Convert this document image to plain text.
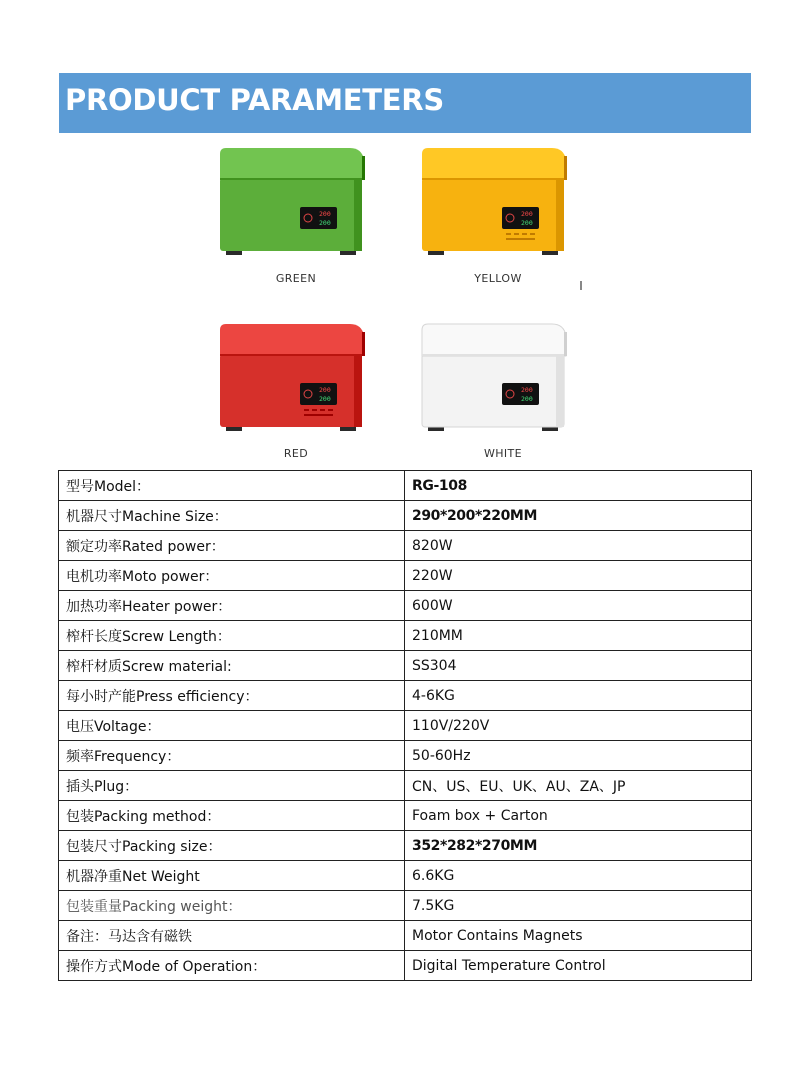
PRODUCT PARAMETERS
200
200
GREEN
200
200
YELLOW
200
200
RED
200
200
WHITE
型号Model：	RG-108
机器尺寸Machine Size：	290*200*220MM
额定功率Rated power：	820W
电机功率Moto power：	220W
加热功率Heater power：	600W
榨杆长度Screw Length：	210MM
榨杆材质Screw material:	SS304
每小时产能Press efficiency：	4-6KG
电压Voltage：	110V/220V
频率Frequency：	50-60Hz
插头Plug：	CN、US、EU、UK、AU、ZA、JP
包装Packing method：	Foam box + Carton
包装尺寸Packing size：	352*282*270MM
机器净重Net Weight	6.6KG
包装重量Packing weight：	7.5KG
备注：马达含有磁铁	Motor Contains Magnets
操作方式Mode of Operation：	Digital Temperature Control
